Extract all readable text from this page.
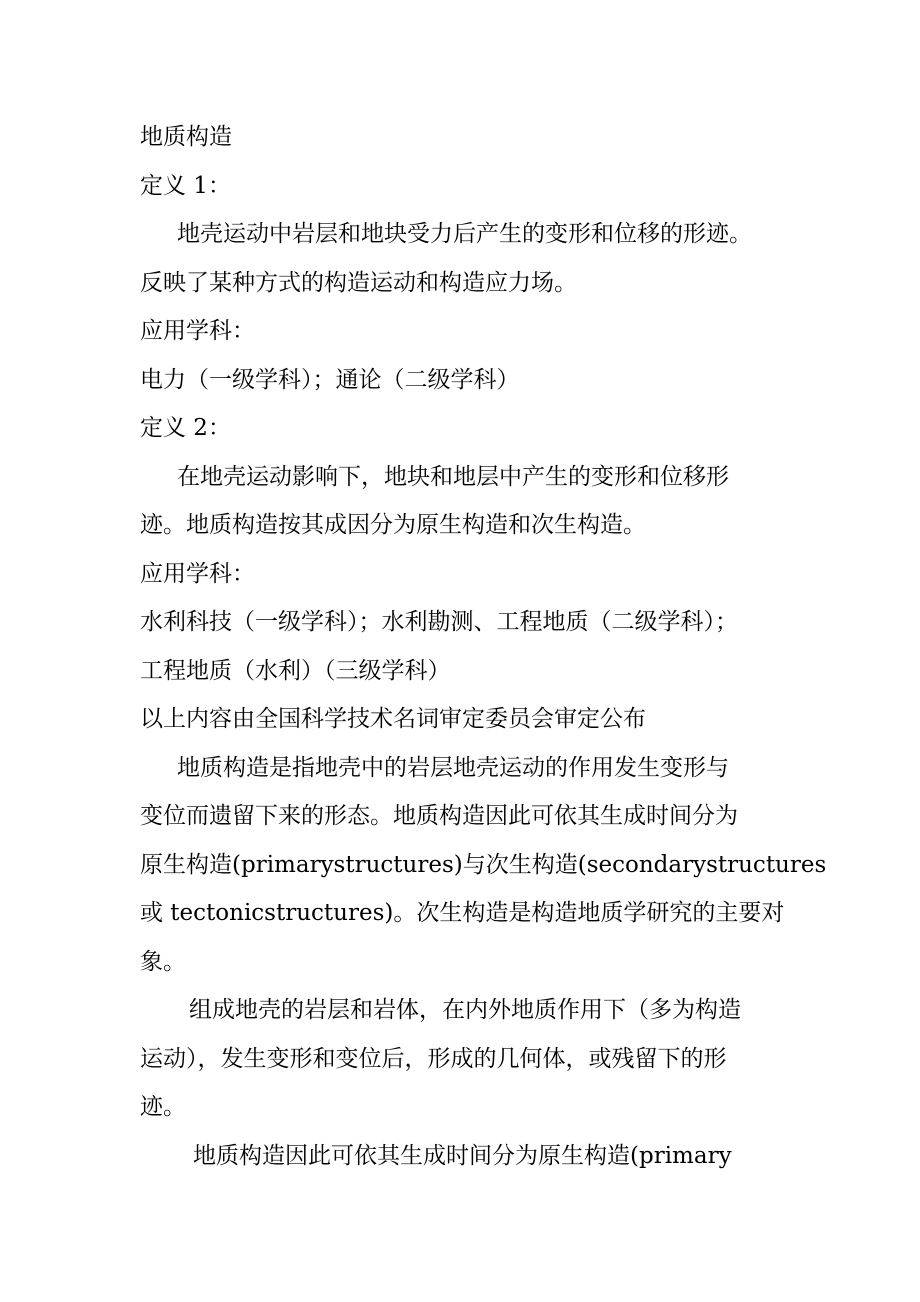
地质构造

定义 1：

地壳运动中岩层和地块受力后产生的变形和位移的形迹。

反映了某种方式的构造运动和构造应力场。

应用学科：

电力（一级学科）；通论（二级学科）

定义 2：

在地壳运动影响下，地块和地层中产生的变形和位移形

迹。地质构造按其成因分为原生构造和次生构造。

应用学科：

水利科技（一级学科）；水利勘测、工程地质（二级学科）；

工程地质（水利）（三级学科）

以上内容由全国科学技术名词审定委员会审定公布

地质构造是指地壳中的岩层地壳运动的作用发生变形与

变位而遗留下来的形态。地质构造因此可依其生成时间分为

原生构造(primarystructures)与次生构造(secondarystructures

或 tectonicstructures)。次生构造是构造地质学研究的主要对

象。

组成地壳的岩层和岩体，在内外地质作用下（多为构造

运动），发生变形和变位后，形成的几何体，或残留下的形

迹。

地质构造因此可依其生成时间分为原生构造(primary
